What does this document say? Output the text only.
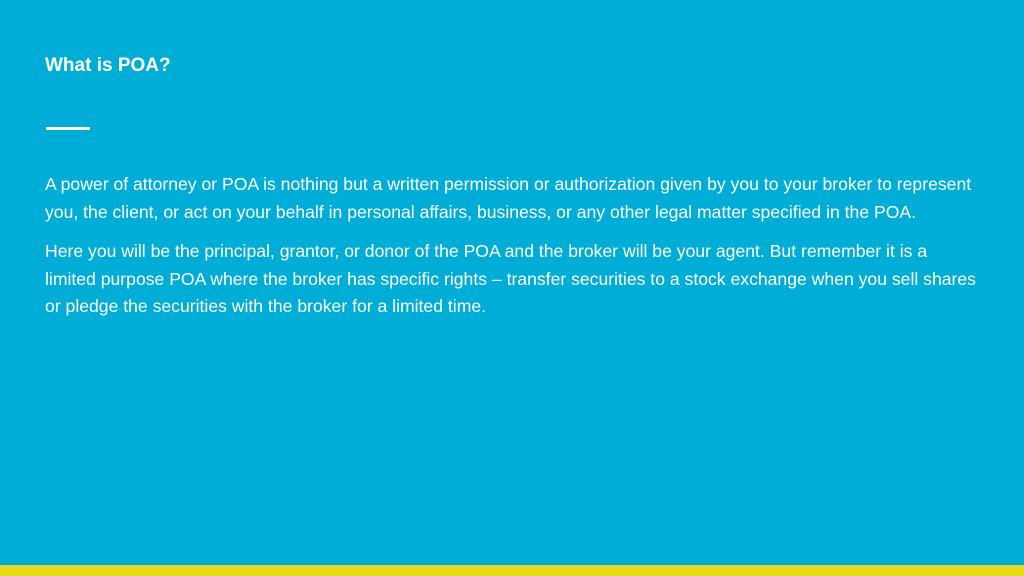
What is POA?

A power of attorney or POA is nothing but a written permission or authorization given by you to your broker to represent you, the client, or act on your behalf in personal affairs, business, or any other legal matter specified in the POA.

Here you will be the principal, grantor, or donor of the POA and the broker will be your agent. But remember it is a limited purpose POA where the broker has specific rights – transfer securities to a stock exchange when you sell shares or pledge the securities with the broker for a limited time.
